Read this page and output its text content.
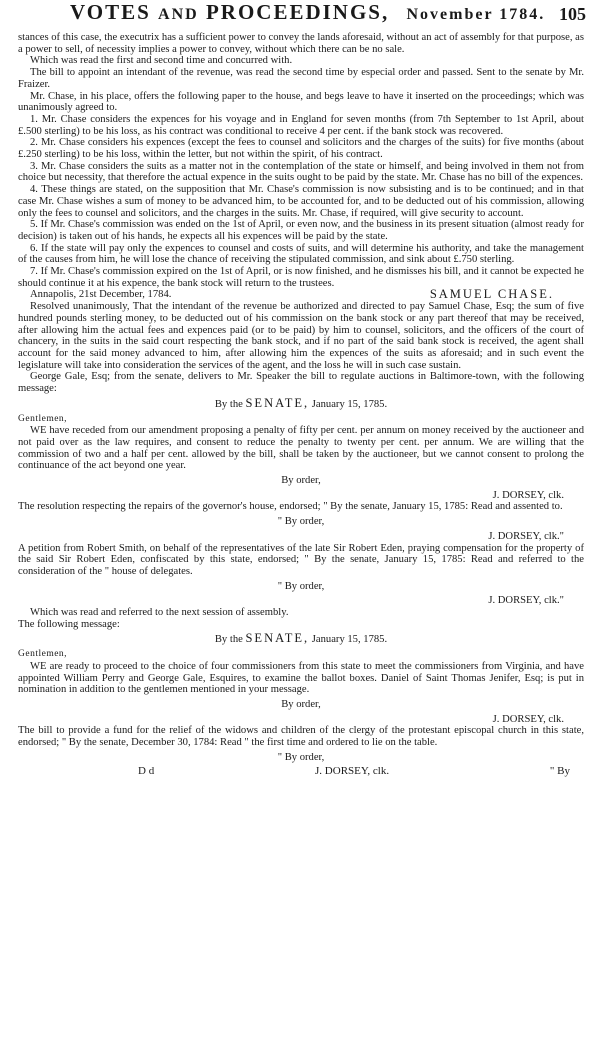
VOTES AND PROCEEDINGS, November 1784. 105

stances of this case, the executrix has a sufficient power to convey the lands aforesaid, without an act of assembly for that purpose, as a power to sell, of necessity implies a power to convey, without which there can be no sale.

Which was read the first and second time and concurred with.

The bill to appoint an intendant of the revenue, was read the second time by especial order and passed. Sent to the senate by Mr. Fraizer.

Mr. Chase, in his place, offers the following paper to the house, and begs leave to have it inserted on the proceedings; which was unanimously agreed to.

1. Mr. Chase considers the expences for his voyage and in England for seven months (from 7th September to 1st April, about £.500 sterling) to be his loss, as his contract was conditional to receive 4 per cent. if the bank stock was recovered.

2. Mr. Chase considers his expences (except the fees to counsel and solicitors and the charges of the suits) for five months (about £.250 sterling) to be his loss, within the letter, but not within the spirit, of his contract.

3. Mr. Chase considers the suits as a matter not in the contemplation of the state or himself, and being involved in them not from choice but necessity, that therefore the actual expence in the suits ought to be paid by the state. Mr. Chase has no bill of the expences.

4. These things are stated, on the supposition that Mr. Chase's commission is now subsisting and is to be continued; and in that case Mr. Chase wishes a sum of money to be advanced him, to be accounted for, and to be deducted out of his commission, allowing only the fees to counsel and solicitors, and the charges in the suits. Mr. Chase, if required, will give security to account.

5. If Mr. Chase's commission was ended on the 1st of April, or even now, and the business in its present situation (almost ready for decision) is taken out of his hands, he expects all his expences will be paid by the state.

6. If the state will pay only the expences to counsel and costs of suits, and will determine his authority, and take the management of the causes from him, he will lose the chance of receiving the stipulated commission, and sink about £.750 sterling.

7. If Mr. Chase's commission expired on the 1st of April, or is now finished, and he dismisses his bill, and it cannot be expected he should continue it at his expence, the bank stock will return to the trustees.

Annapolis, 21st December, 1784.	SAMUEL CHASE.

Resolved unanimously, That the intendant of the revenue be authorized and directed to pay Samuel Chase, Esq; the sum of five hundred pounds sterling money, to be deducted out of his commission on the bank stock or any part thereof that may be received, after allowing him the actual fees and expences paid (or to be paid) by him to counsel, solicitors, and the officers of the court of chancery, in the suits in the said court respecting the bank stock, and if no part of the said bank stock is received, the agent shall account for the said money advanced to him, after allowing him the expences of the suits as aforesaid; and in such event the legislature will take into consideration the services of the agent, and the loss he will in such case sustain.

George Gale, Esq; from the senate, delivers to Mr. Speaker the bill to regulate auctions in Baltimore-town, with the following message:

By the SENATE, January 15, 1785.

Gentlemen,

WE have receded from our amendment proposing a penalty of fifty per cent. per annum on money received by the auctioneer and not paid over as the law requires, and consent to reduce the penalty to twenty per cent. per annum. We are willing that the commission of two and a half per cent. allowed by the bill, shall be taken by the auctioneer, but we cannot consent to prolong the continuance of the act beyond one year.

By order,

J. DORSEY, clk.

The resolution respecting the repairs of the governor's house, endorsed; " By the senate, January 15, 1785: Read and assented to.

" By order,

J. DORSEY, clk."

A petition from Robert Smith, on behalf of the representatives of the late Sir Robert Eden, praying compensation for the property of the said Sir Robert Eden, confiscated by this state, endorsed; " By the senate, January 15, 1785: Read and referred to the consideration of the " house of delegates.

" By order,

J. DORSEY, clk."

Which was read and referred to the next session of assembly.

The following message:

By the SENATE, January 15, 1785.

Gentlemen,

WE are ready to proceed to the choice of four commissioners from this state to meet the commissioners from Virginia, and have appointed William Perry and George Gale, Esquires, to examine the ballot boxes. Daniel of Saint Thomas Jenifer, Esq; is put in nomination in addition to the gentlemen mentioned in your message.

By order,

J. DORSEY, clk.

The bill to provide a fund for the relief of the widows and children of the clergy of the protestant episcopal church in this state, endorsed; " By the senate, December 30, 1784: Read " the first time and ordered to lie on the table.

" By order,

D d	J. DORSEY, clk.	" By
